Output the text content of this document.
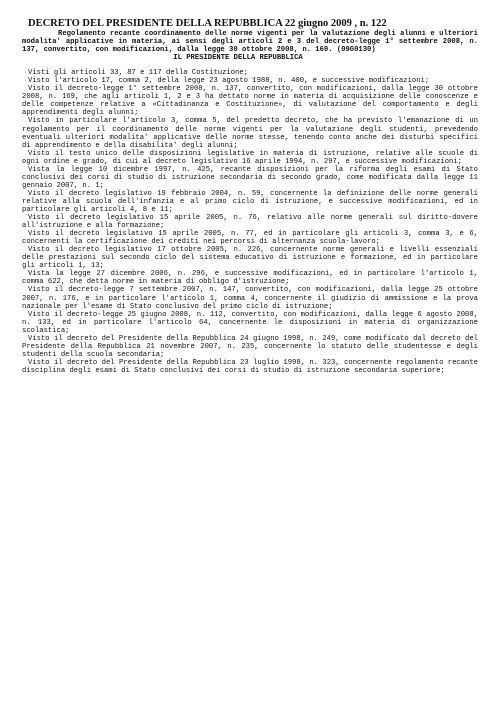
DECRETO DEL PRESIDENTE DELLA REPUBBLICA 22 giugno 2009 , n. 122

Regolamento recante coordinamento delle norme vigenti per la valutazione degli alunni e ulteriori modalita' applicative in materia, ai sensi degli articoli 2 e 3 del decreto-legge 1° settembre 2008, n. 137, convertito, con modificazioni, dalla legge 30 ottobre 2008, n. 169. (09G0130)

IL PRESIDENTE DELLA REPUBBLICA

Visti gli articoli 33, 87 e 117 della Costituzione;

Visto l'articolo 17, comma 2, della legge 23 agosto 1988, n. 400, e successive modificazioni;

Visto il decreto-legge 1° settembre 2008, n. 137, convertito, con modificazioni, dalla legge 30 ottobre 2008, n. 169, che agli articoli 1, 2 e 3 ha dettato norme in materia di acquisizione delle conoscenze e delle competenze relative a «Cittadinanza e Costituzione», di valutazione del comportamento e degli apprendimenti degli alunni;

Visto in particolare l'articolo 3, comma 5, del predetto decreto, che ha previsto l'emanazione di un regolamento per il coordinamento delle norme vigenti per la valutazione degli studenti, prevedendo eventuali ulteriori modalita' applicative delle norme stesse, tenendo conto anche dei disturbi specifici di apprendimento e della disabilita' degli alunni;

Visto il testo unico delle disposizioni legislative in materia di istruzione, relative alle scuole di ogni ordine e grado, di cui al decreto legislativo 16 aprile 1994, n. 297, e successive modificazioni;

Vista la legge 10 dicembre 1997, n. 425, recante disposizioni per la riforma degli esami di Stato conclusivi dei corsi di studio di istruzione secondaria di secondo grado, come modificata dalla legge 11 gennaio 2007, n. 1;

Visto il decreto legislativo 19 febbraio 2004, n. 59, concernente la definizione delle norme generali relative alla scuola dell'infanzia e al primo ciclo di istruzione, e successive modificazioni, ed in particolare gli articoli 4, 8 e 11;

Visto il decreto legislativo 15 aprile 2005, n. 76, relativo alle norme generali sul diritto-dovere all'istruzione e alla formazione;

Visto il decreto legislativo 15 aprile 2005, n. 77, ed in particolare gli articoli 3, comma 3, e 6, concernenti la certificazione dei crediti nei percorsi di alternanza scuola-lavoro;

Visto il decreto legislativo 17 ottobre 2005, n. 226, concernente norme generali e livelli essenziali delle prestazioni sul secondo ciclo del sistema educativo di istruzione e formazione, ed in particolare gli articoli 1, 13;

Vista la legge 27 dicembre 2006, n. 296, e successive modificazioni, ed in particolare l'articolo 1, comma 622, che detta norme in materia di obbligo d'istruzione;

Visto il decreto-legge 7 settembre 2007, n. 147, convertito, con modificazioni, dalla legge 25 ottobre 2007, n. 176, e in particolare l'articolo 1, comma 4, concernente il giudizio di ammissione e la prova nazionale per l'esame di Stato conclusivo del primo ciclo di istruzione;

Visto il decreto-legge 25 giugno 2008, n. 112, convertito, con modificazioni, dalla legge 6 agosto 2008, n. 133, ed in particolare l'articolo 64, concernente le disposizioni in materia di organizzazione scolastica;

Visto il decreto del Presidente della Repubblica 24 giugno 1998, n. 249, come modificato dal decreto del Presidente della Repubblica 21 novembre 2007, n. 235, concernente lo statuto delle studentesse e degli studenti della scuola secondaria;

Visto il decreto del Presidente della Repubblica 23 luglio 1998, n. 323, concernente regolamento recante disciplina degli esami di Stato conclusivi dei corsi di studio di istruzione secondaria superiore;
